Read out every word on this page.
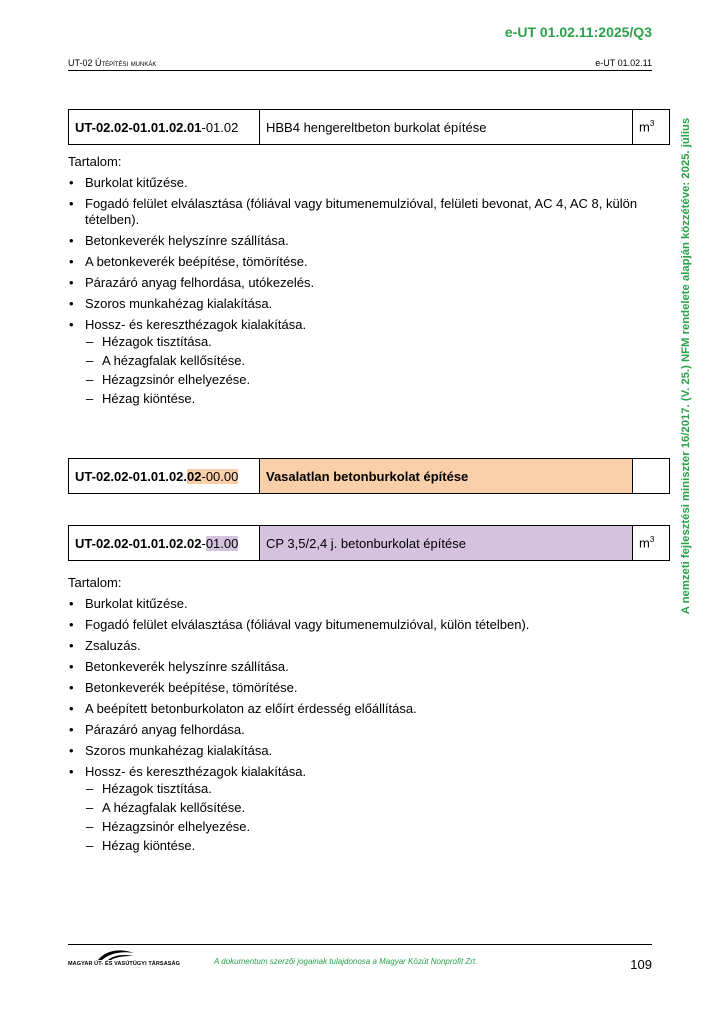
e-UT 01.02.11:2025/Q3
UT-02 Útépítési munkák	e-UT 01.02.11
A nemzeti fejlesztési miniszter 16/2017. (V. 25.) NFM rendelete alapján közzétéve: 2025. július
UT-02.02-01.01.02.01-01.02	HBB4 hengereltbeton burkolat építése	$m^3$
Tartalom:
• Burkolat kitűzése.
• Fogadó felület elválasztása (fóliával vagy bitumenemulzióval, felületi bevonat, AC 4, AC 8, külön tételben).
• Betonkeverék helyszínre szállítása.
• A betonkeverék beépítése, tömörítése.
• Párazáró anyag felhordása, utókezelés.
• Szoros munkahézag kialakítása.
• Hossz- és kereszthézagok kialakítása.
– Hézagok tisztítása.
– A hézagfalak kellősítése.
– Hézagzsinór elhelyezése.
– Hézag kiöntése.
UT-02.02-01.01.02.02-00.00	Vasalatlan betonburkolat építése	
UT-02.02-01.01.02.02-01.00	CP 3,5/2,4 j. betonburkolat építése	$m^3$
Tartalom:
• Burkolat kitűzése.
• Fogadó felület elválasztása (fóliával vagy bitumenemulzióval, külön tételben).
• Zsaluzás.
• Betonkeverék helyszínre szállítása.
• Betonkeverék beépítése, tömörítése.
• A beépített betonburkolaton az előírt érdesség előállítása.
• Párazáró anyag felhordása.
• Szoros munkahézag kialakítása.
• Hossz- és kereszthézagok kialakítása.
– Hézagok tisztítása.
– A hézagfalak kellősítése.
– Hézagzsinór elhelyezése.
– Hézag kiöntése.
MAGYAR ÚT- ÉS VASÚTÜGYI TÁRSASÁG	A dokumentum szerzői jogainak tulajdonosa a Magyar Közút Nonprofit Zrt.	109
